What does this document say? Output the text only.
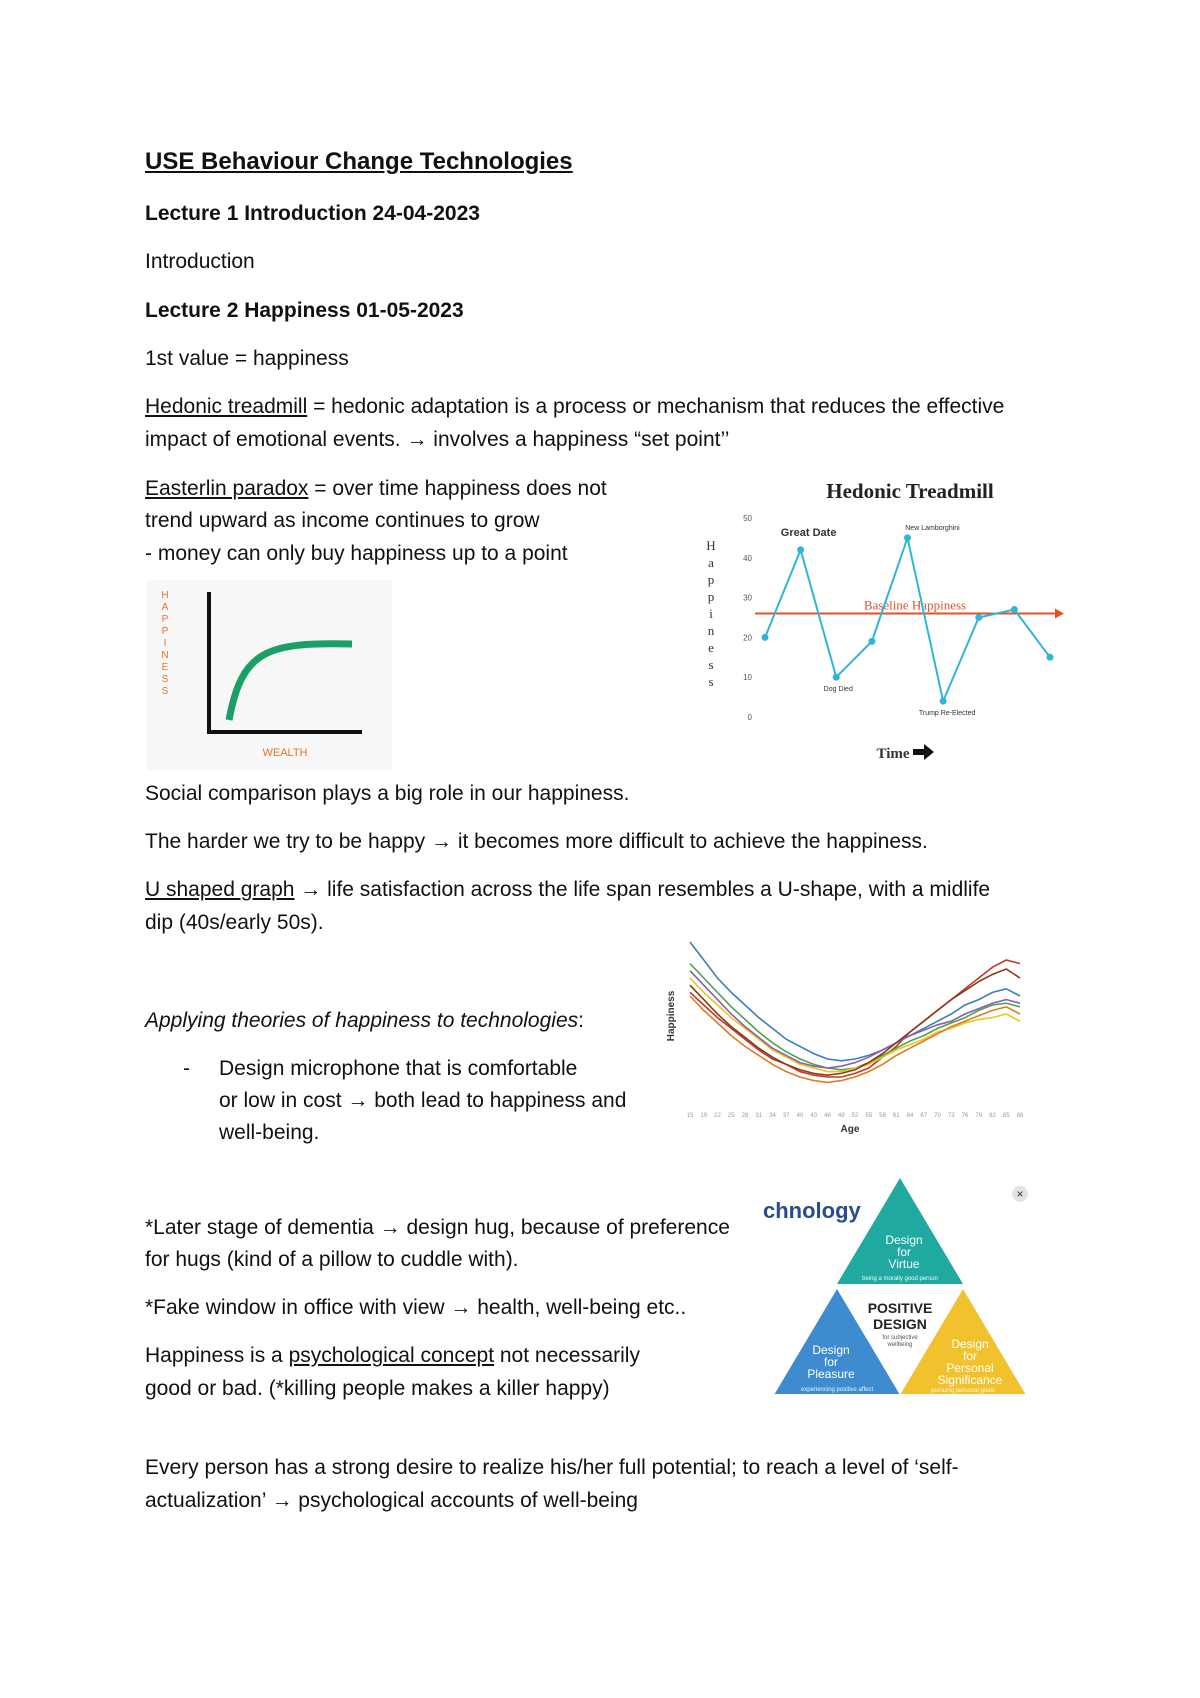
USE Behaviour Change Technologies
Lecture 1 Introduction 24-04-2023
Introduction
Lecture 2 Happiness 01-05-2023
1st value = happiness
Hedonic treadmill = hedonic adaptation is a process or mechanism that reduces the effective
impact of emotional events. → involves a happiness “set point’’
Easterlin paradox = over time happiness does not
trend upward as income continues to grow
- money can only buy happiness up to a point
Social comparison plays a big role in our happiness.
The harder we try to be happy → it becomes more difficult to achieve the happiness.
U shaped graph → life satisfaction across the life span resembles a U-shape, with a midlife
dip (40s/early 50s).
Applying theories of happiness to technologies:
- Design microphone that is comfortable
or low in cost → both lead to happiness and
well-being.
*Later stage of dementia → design hug, because of preference
for hugs (kind of a pillow to cuddle with).
*Fake window in office with view → health, well-being etc..
Happiness is a psychological concept not necessarily
good or bad. (*killing people makes a killer happy)
Every person has a strong desire to realize his/her full potential; to reach a level of ‘self-
actualization’ → psychological accounts of well-being
H
A
P
P
I
N
E
S
S
WEALTH
Hedonic Treadmill
H
a
p
p
i
n
e
s
s
0
10
20
30
40
50
Baseline Happiness
Great Date	New Lamborghini
Dog Died
Trump Re-Elected
Time
Happiness
15 19 22 25 28 31 34 37 40 43 46 49 52 55 58 61 64 67 70 73 76 79 82 85 88
Age
chnology
×
Design
for
Virtue
being a morally good person
POSITIVE
DESIGN
for subjective
wellbeing
Design
for
Pleasure
experiencing positive affect
Design
for
Personal
Significance
pursuing personal goals
